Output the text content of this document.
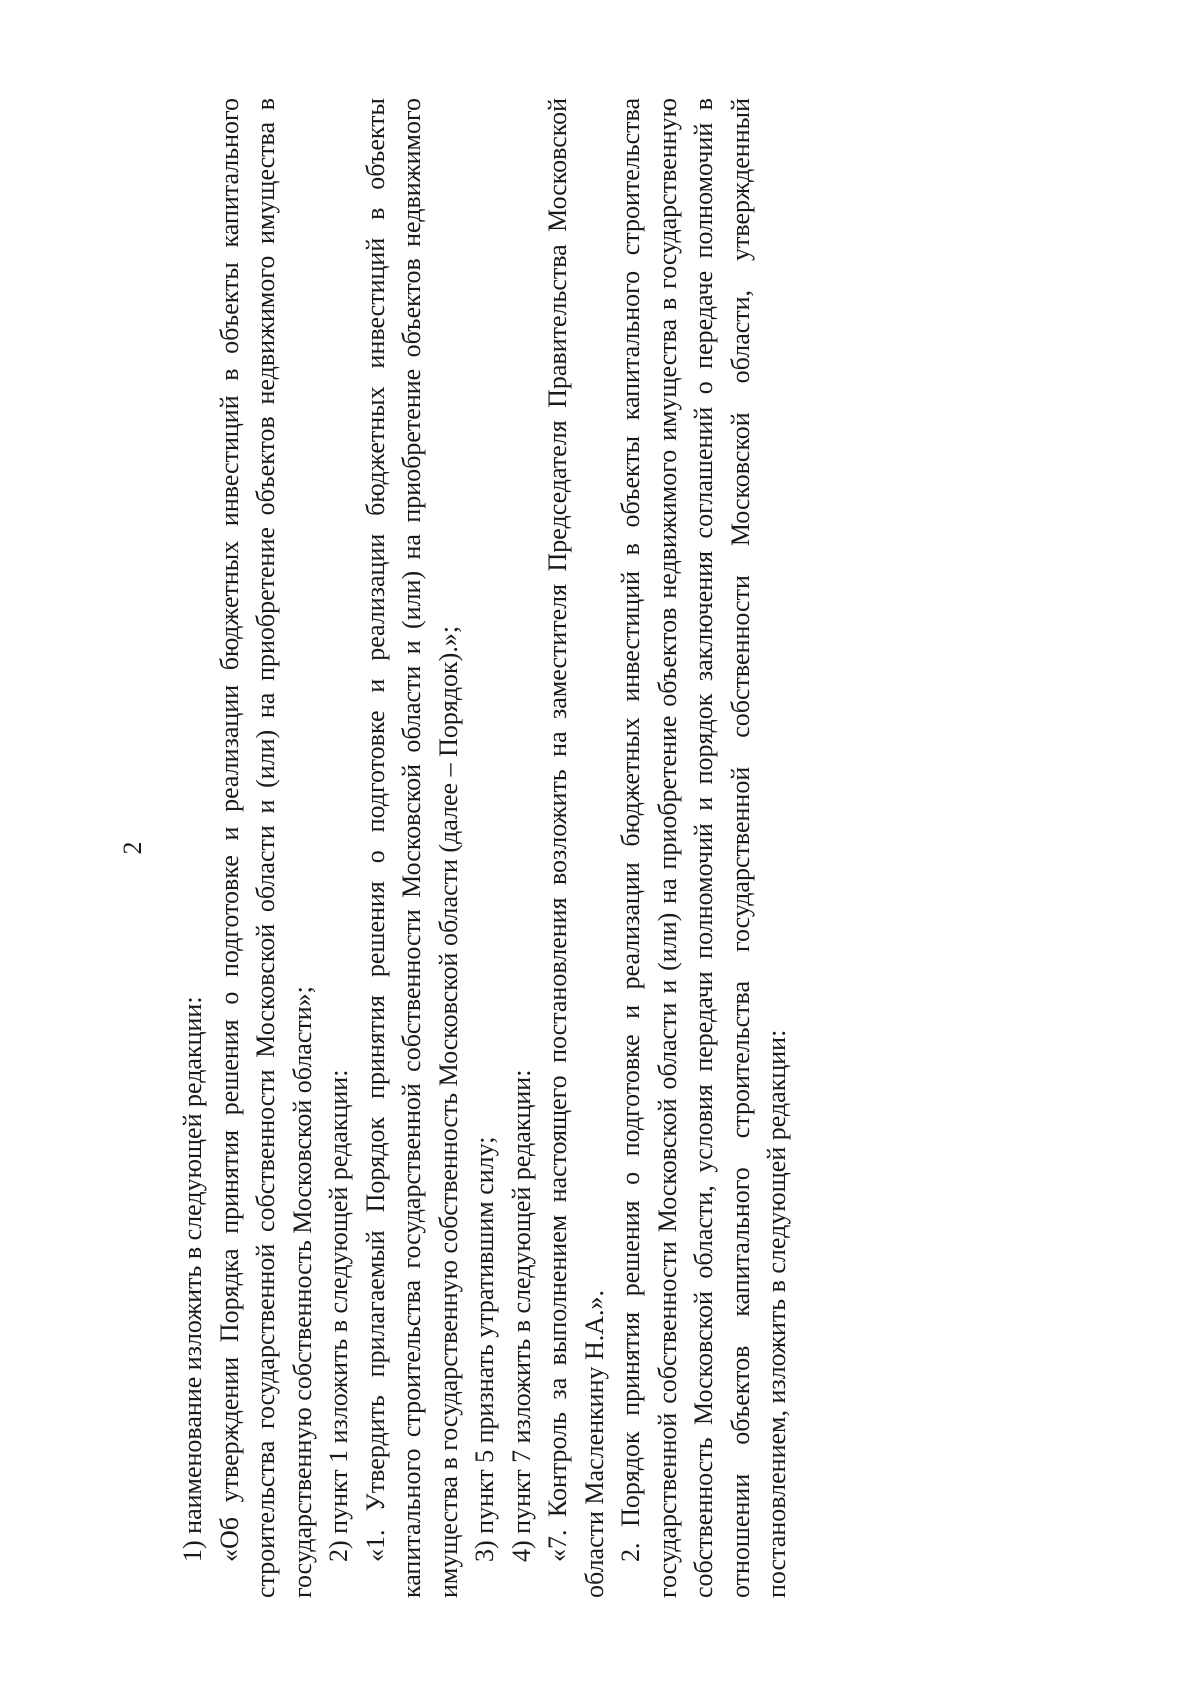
2

1) наименование изложить в следующей редакции: «Об утверждении Порядка принятия решения о подготовке и реализации бюджетных инвестиций в объекты капитального строительства государственной собственности Московской области и (или) на приобретение объектов недвижимого имущества в государственную собственность Московской области»; 2) пункт 1 изложить в следующей редакции: «1. Утвердить прилагаемый Порядок принятия решения о подготовке и реализации бюджетных инвестиций в объекты капитального строительства государственной собственности Московской области и (или) на приобретение объектов недвижимого имущества в государственную собственность Московской области (далее – Порядок).»; 3) пункт 5 признать утратившим силу; 4) пункт 7 изложить в следующей редакции: «7. Контроль за выполнением настоящего постановления возложить на заместителя Председателя Правительства Московской области Масленкину Н.А.». 2. Порядок принятия решения о подготовке и реализации бюджетных инвестиций в объекты капитального строительства государственной собственности Московской области и (или) на приобретение объектов недвижимого имущества в государственную собственность Московской области, условия передачи полномочий и порядок заключения соглашений о передаче полномочий в отношении объектов капитального строительства государственной собственности Московской области, утвержденный постановлением, изложить в следующей редакции:
